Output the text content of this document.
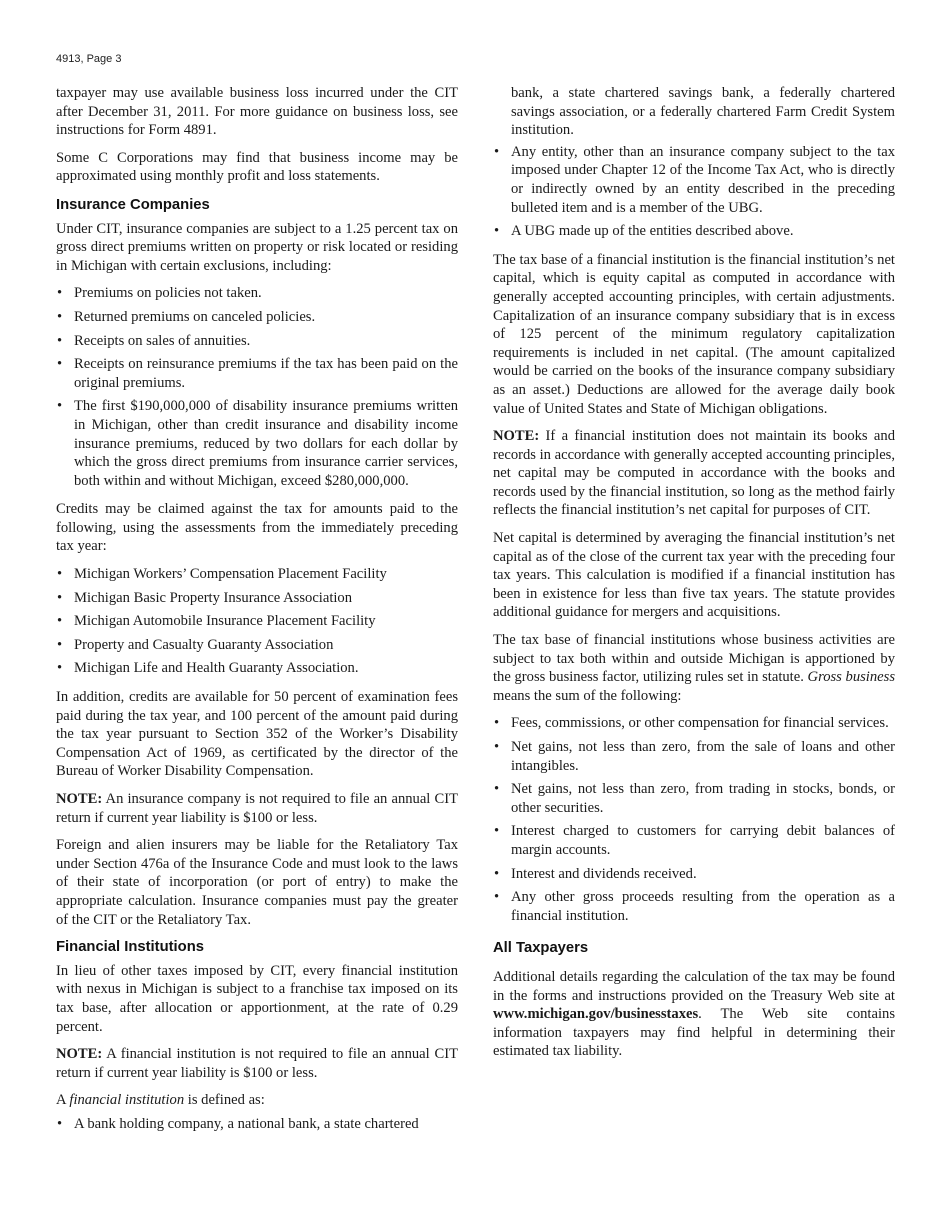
4913, Page 3

taxpayer may use available business loss incurred under the CIT after December 31, 2011. For more guidance on business loss, see instructions for Form 4891.

Some C Corporations may find that business income may be approximated using monthly profit and loss statements.

Insurance Companies

Under CIT, insurance companies are subject to a 1.25 percent tax on gross direct premiums written on property or risk located or residing in Michigan with certain exclusions, including:

• Premiums on policies not taken.
• Returned premiums on canceled policies.
• Receipts on sales of annuities.
• Receipts on reinsurance premiums if the tax has been paid on the original premiums.
• The first $190,000,000 of disability insurance premiums written in Michigan, other than credit insurance and disability income insurance premiums, reduced by two dollars for each dollar by which the gross direct premiums from insurance carrier services, both within and without Michigan, exceed $280,000,000.

Credits may be claimed against the tax for amounts paid to the following, using the assessments from the immediately preceding tax year:

• Michigan Workers’ Compensation Placement Facility
• Michigan Basic Property Insurance Association
• Michigan Automobile Insurance Placement Facility
• Property and Casualty Guaranty Association
• Michigan Life and Health Guaranty Association.

In addition, credits are available for 50 percent of examination fees paid during the tax year, and 100 percent of the amount paid during the tax year pursuant to Section 352 of the Worker’s Disability Compensation Act of 1969, as certificated by the director of the Bureau of Worker Disability Compensation.

NOTE: An insurance company is not required to file an annual CIT return if current year liability is $100 or less.

Foreign and alien insurers may be liable for the Retaliatory Tax under Section 476a of the Insurance Code and must look to the laws of their state of incorporation (or port of entry) to make the appropriate calculation. Insurance companies must pay the greater of the CIT or the Retaliatory Tax.

Financial Institutions

In lieu of other taxes imposed by CIT, every financial institution with nexus in Michigan is subject to a franchise tax imposed on its tax base, after allocation or apportionment, at the rate of 0.29 percent.

NOTE: A financial institution is not required to file an annual CIT return if current year liability is $100 or less.

A financial institution is defined as:

• A bank holding company, a national bank, a state chartered
bank, a state chartered savings bank, a federally chartered savings association, or a federally chartered Farm Credit System institution.
• Any entity, other than an insurance company subject to the tax imposed under Chapter 12 of the Income Tax Act, who is directly or indirectly owned by an entity described in the preceding bulleted item and is a member of the UBG.
• A UBG made up of the entities described above.

The tax base of a financial institution is the financial institution’s net capital, which is equity capital as computed in accordance with generally accepted accounting principles, with certain adjustments. Capitalization of an insurance company subsidiary that is in excess of 125 percent of the minimum regulatory capitalization requirements is included in net capital. (The amount capitalized would be carried on the books of the insurance company subsidiary as an asset.) Deductions are allowed for the average daily book value of United States and State of Michigan obligations.

NOTE: If a financial institution does not maintain its books and records in accordance with generally accepted accounting principles, net capital may be computed in accordance with the books and records used by the financial institution, so long as the method fairly reflects the financial institution’s net capital for purposes of CIT.

Net capital is determined by averaging the financial institution’s net capital as of the close of the current tax year with the preceding four tax years. This calculation is modified if a financial institution has been in existence for less than five tax years. The statute provides additional guidance for mergers and acquisitions.

The tax base of financial institutions whose business activities are subject to tax both within and outside Michigan is apportioned by the gross business factor, utilizing rules set in statute. Gross business means the sum of the following:

• Fees, commissions, or other compensation for financial services.
• Net gains, not less than zero, from the sale of loans and other intangibles.
• Net gains, not less than zero, from trading in stocks, bonds, or other securities.
• Interest charged to customers for carrying debit balances of margin accounts.
• Interest and dividends received.
• Any other gross proceeds resulting from the operation as a financial institution.
All Taxpayers

Additional details regarding the calculation of the tax may be found in the forms and instructions provided on the Treasury Web site at www.michigan.gov/businesstaxes. The Web site contains information taxpayers may find helpful in determining their estimated tax liability.
